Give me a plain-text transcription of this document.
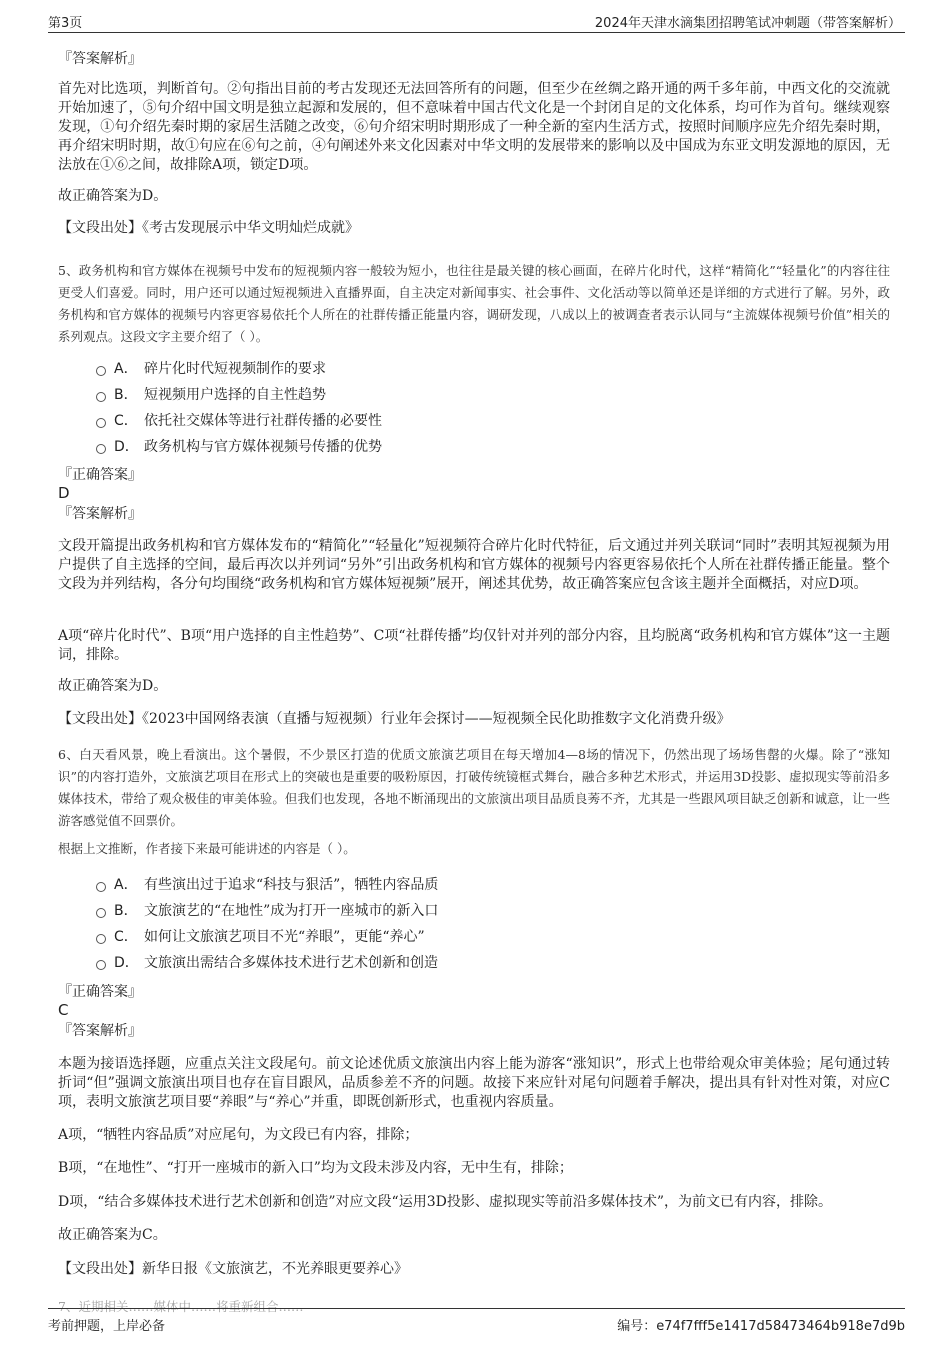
第3页	2024年天津水滴集团招聘笔试冲刺题（带答案解析）
『答案解析』
首先对比选项，判断首句。②句指出目前的考古发现还无法回答所有的问题，但至少在丝绸之路开通的两千多年前，中西文化的交流就开始加速了，⑤句介绍中国文明是独立起源和发展的，但不意味着中国古代文化是一个封闭自足的文化体系，均可作为首句。继续观察发现，①句介绍先秦时期的家居生活随之改变，⑥句介绍宋明时期形成了一种全新的室内生活方式，按照时间顺序应先介绍先秦时期，再介绍宋明时期，故①句应在⑥句之前，④句阐述外来文化因素对中华文明的发展带来的影响以及中国成为东亚文明发源地的原因，无法放在①⑥之间，故排除A项，锁定D项。
故正确答案为D。
【文段出处】《考古发现展示中华文明灿烂成就》
5、政务机构和官方媒体在视频号中发布的短视频内容一般较为短小，也往往是最关键的核心画面，在碎片化时代，这样“精简化”“轻量化”的内容往往更受人们喜爱。同时，用户还可以通过短视频进入直播界面，自主决定对新闻事实、社会事件、文化活动等以简单还是详细的方式进行了解。另外，政务机构和官方媒体的视频号内容更容易依托个人所在的社群传播正能量内容，调研发现，八成以上的被调查者表示认同与“主流媒体视频号价值”相关的系列观点。这段文字主要介绍了（ ）。
A． 碎片化时代短视频制作的要求
B． 短视频用户选择的自主性趋势
C． 依托社交媒体等进行社群传播的必要性
D． 政务机构与官方媒体视频号传播的优势
『正确答案』
D
『答案解析』
文段开篇提出政务机构和官方媒体发布的“精简化”“轻量化”短视频符合碎片化时代特征，后文通过并列关联词“同时”表明其短视频为用户提供了自主选择的空间，最后再次以并列词“另外”引出政务机构和官方媒体的视频号内容更容易依托个人所在社群传播正能量。整个文段为并列结构，各分句均围绕“政务机构和官方媒体短视频”展开，阐述其优势，故正确答案应包含该主题并全面概括，对应D项。
A项“碎片化时代”、B项“用户选择的自主性趋势”、C项“社群传播”均仅针对并列的部分内容，且均脱离“政务机构和官方媒体”这一主题词，排除。
故正确答案为D。
【文段出处】《2023中国网络表演（直播与短视频）行业年会探讨——短视频全民化助推数字文化消费升级》
6、白天看风景，晚上看演出。这个暑假，不少景区打造的优质文旅演艺项目在每天增加4—8场的情况下，仍然出现了场场售罄的火爆。除了“涨知识”的内容打造外，文旅演艺项目在形式上的突破也是重要的吸粉原因，打破传统镜框式舞台，融合多种艺术形式，并运用3D投影、虚拟现实等前沿多媒体技术，带给了观众极佳的审美体验。但我们也发现，各地不断涌现出的文旅演出项目品质良莠不齐，尤其是一些跟风项目缺乏创新和诚意，让一些游客感觉值不回票价。
根据上文推断，作者接下来最可能讲述的内容是（ ）。
A． 有些演出过于追求“科技与狠活”，牺牲内容品质
B． 文旅演艺的“在地性”成为打开一座城市的新入口
C． 如何让文旅演艺项目不光“养眼”，更能“养心”
D． 文旅演出需结合多媒体技术进行艺术创新和创造
『正确答案』
C
『答案解析』
本题为接语选择题，应重点关注文段尾句。前文论述优质文旅演出内容上能为游客“涨知识”，形式上也带给观众审美体验；尾句通过转折词“但”强调文旅演出项目也存在盲目跟风，品质参差不齐的问题。故接下来应针对尾句问题着手解决，提出具有针对性对策，对应C项，表明文旅演艺项目要“养眼”与“养心”并重，即既创新形式，也重视内容质量。
A项，“牺牲内容品质”对应尾句，为文段已有内容，排除；
B项，“在地性”、“打开一座城市的新入口”均为文段未涉及内容，无中生有，排除；
D项，“结合多媒体技术进行艺术创新和创造”对应文段“运用3D投影、虚拟现实等前沿多媒体技术”，为前文已有内容，排除。
故正确答案为C。
【文段出处】新华日报《文旅演艺，不光养眼更要养心》
7、近期相关……媒体中……将重新组合……
考前押题，上岸必备	编号：e74f7fff5e1417d58473464b918e7d9b
